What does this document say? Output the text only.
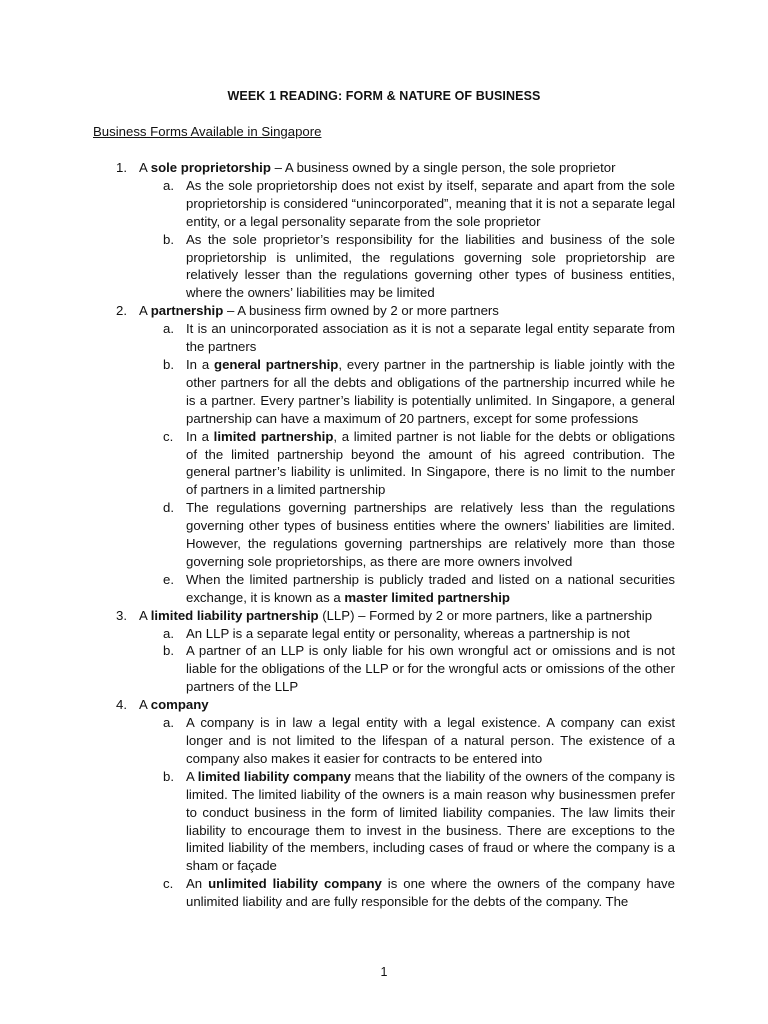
WEEK 1 READING: FORM & NATURE OF BUSINESS
Business Forms Available in Singapore
1. A sole proprietorship – A business owned by a single person, the sole proprietor
a. As the sole proprietorship does not exist by itself, separate and apart from the sole proprietorship is considered “unincorporated”, meaning that it is not a separate legal entity, or a legal personality separate from the sole proprietor
b. As the sole proprietor’s responsibility for the liabilities and business of the sole proprietorship is unlimited, the regulations governing sole proprietorship are relatively lesser than the regulations governing other types of business entities, where the owners’ liabilities may be limited
2. A partnership – A business firm owned by 2 or more partners
a. It is an unincorporated association as it is not a separate legal entity separate from the partners
b. In a general partnership, every partner in the partnership is liable jointly with the other partners for all the debts and obligations of the partnership incurred while he is a partner. Every partner’s liability is potentially unlimited. In Singapore, a general partnership can have a maximum of 20 partners, except for some professions
c. In a limited partnership, a limited partner is not liable for the debts or obligations of the limited partnership beyond the amount of his agreed contribution. The general partner’s liability is unlimited. In Singapore, there is no limit to the number of partners in a limited partnership
d. The regulations governing partnerships are relatively less than the regulations governing other types of business entities where the owners’ liabilities are limited. However, the regulations governing partnerships are relatively more than those governing sole proprietorships, as there are more owners involved
e. When the limited partnership is publicly traded and listed on a national securities exchange, it is known as a master limited partnership
3. A limited liability partnership (LLP) – Formed by 2 or more partners, like a partnership
a. An LLP is a separate legal entity or personality, whereas a partnership is not
b. A partner of an LLP is only liable for his own wrongful act or omissions and is not liable for the obligations of the LLP or for the wrongful acts or omissions of the other partners of the LLP
4. A company
a. A company is in law a legal entity with a legal existence. A company can exist longer and is not limited to the lifespan of a natural person. The existence of a company also makes it easier for contracts to be entered into
b. A limited liability company means that the liability of the owners of the company is limited. The limited liability of the owners is a main reason why businessmen prefer to conduct business in the form of limited liability companies. The law limits their liability to encourage them to invest in the business. There are exceptions to the limited liability of the members, including cases of fraud or where the company is a sham or façade
c. An unlimited liability company is one where the owners of the company have unlimited liability and are fully responsible for the debts of the company. The
1
